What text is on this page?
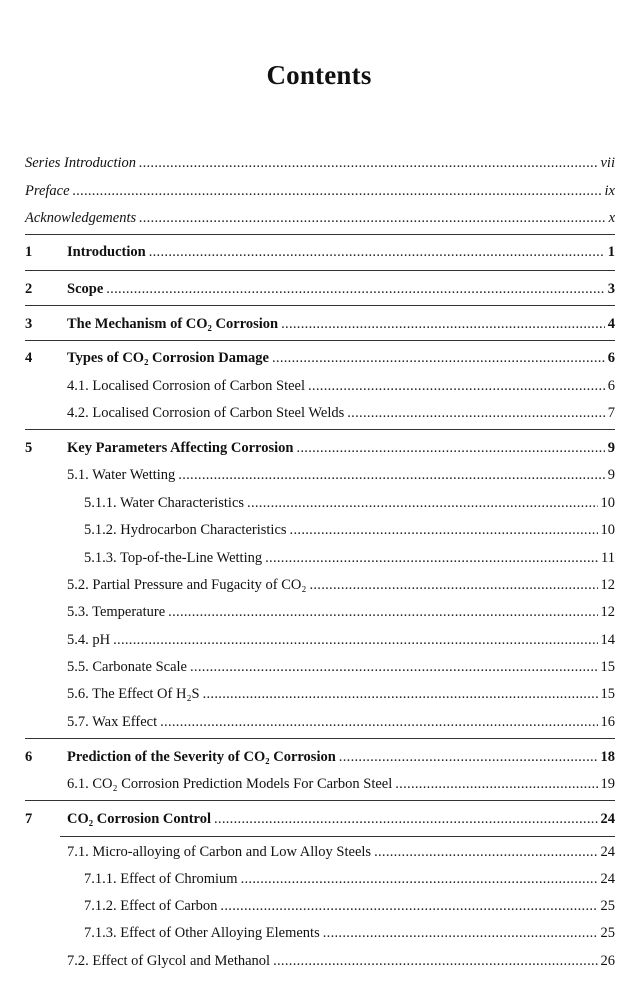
Contents
Series Introduction .....	vii
Preface .....	ix
Acknowledgements .....	x
1	Introduction .....	1
2	Scope .....	3
3	The Mechanism of CO₂ Corrosion .....	4
4	Types of CO₂ Corrosion Damage .....	6
4.1. Localised Corrosion of Carbon Steel .....	6
4.2. Localised Corrosion of Carbon Steel Welds .....	7
5	Key Parameters Affecting Corrosion .....	9
5.1. Water Wetting .....	9
5.1.1. Water Characteristics .....	10
5.1.2. Hydrocarbon Characteristics .....	10
5.1.3. Top-of-the-Line Wetting .....	11
5.2. Partial Pressure and Fugacity of CO₂ .....	12
5.3. Temperature .....	12
5.4. pH .....	14
5.5. Carbonate Scale .....	15
5.6. The Effect Of H₂S .....	15
5.7. Wax Effect .....	16
6	Prediction of the Severity of CO₂ Corrosion .....	18
6.1. CO₂ Corrosion Prediction Models For Carbon Steel .....	19
7	CO₂ Corrosion Control .....	24
7.1. Micro-alloying of Carbon and Low Alloy Steels .....	24
7.1.1. Effect of Chromium .....	24
7.1.2. Effect of Carbon .....	25
7.1.3. Effect of Other Alloying Elements .....	25
7.2. Effect of Glycol and Methanol .....	26
